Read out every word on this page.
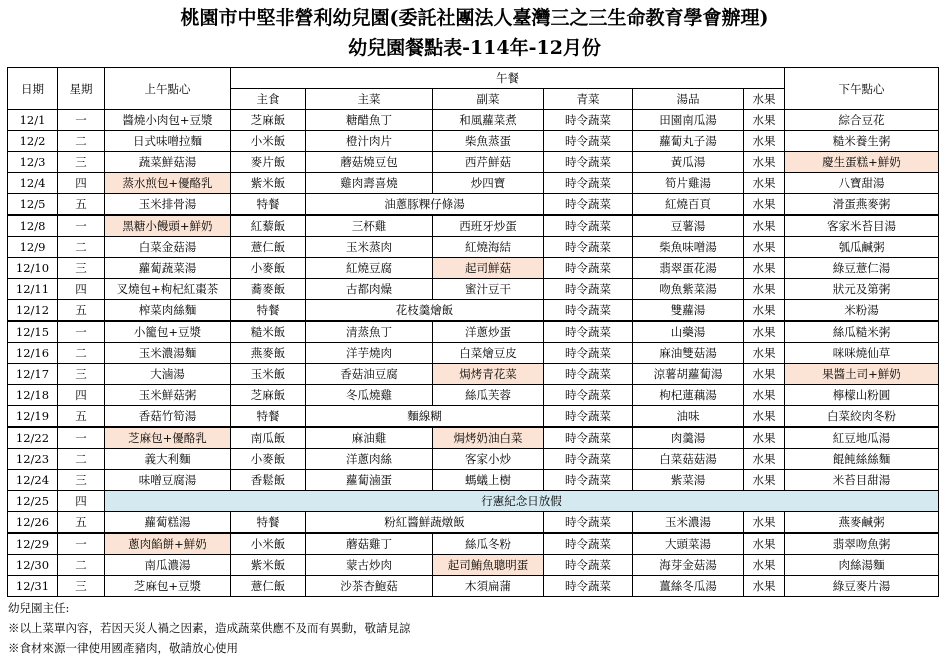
桃園市中堅非營利幼兒園(委託社團法人臺灣三之三生命教育學會辦理)
幼兒園餐點表-114年-12月份
日期	星期	上午點心	午餐						下午點心
			主食	主菜	副菜	青菜	湯品	水果	
12/1	一	醬燒小肉包+豆漿	芝麻飯	糖醋魚丁	和風蘿菜煮	時令蔬菜	田園南瓜湯	水果	綜合豆花
12/2	二	日式味噌拉麵	小米飯	橙汁肉片	柴魚蒸蛋	時令蔬菜	蘿蔔丸子湯	水果	糙米養生粥
12/3	三	蔬菜鮮菇湯	麥片飯	蘑菇燒豆包	西芹鮮菇	時令蔬菜	黃瓜湯	水果	慶生蛋糕+鮮奶
12/4	四	蒸水煎包+優酪乳	紫米飯	雞肉壽喜燒	炒四寶	時令蔬菜	筍片雞湯	水果	八寶甜湯
12/5	五	玉米排骨湯	特餐	油蔥豚粿仔條湯		時令蔬菜	紅燒百頁	水果	滑蛋燕麥粥
12/8	一	黑糖小饅頭+鮮奶	紅藜飯	三杯雞	西班牙炒蛋	時令蔬菜	豆薯湯	水果	客家米苔目湯
12/9	二	白菜金菇湯	薏仁飯	玉米蒸肉	紅燒海結	時令蔬菜	柴魚味噌湯	水果	瓠瓜鹹粥
12/10	三	蘿蔔蔬菜湯	小麥飯	紅燒豆腐	起司鮮菇	時令蔬菜	翡翠蛋花湯	水果	綠豆薏仁湯
12/11	四	叉燒包+枸杞紅棗茶	蕎麥飯	古都肉燥	蜜汁豆干	時令蔬菜	吻魚紫菜湯	水果	狀元及第粥
12/12	五	榨菜肉絲麵	特餐	花枝羹燴飯		時令蔬菜	雙蘿湯	水果	米粉湯
12/15	一	小籠包+豆漿	糙米飯	清蒸魚丁	洋蔥炒蛋	時令蔬菜	山藥湯	水果	絲瓜糙米粥
12/16	二	玉米濃湯麵	燕麥飯	洋芋燒肉	白菜燴豆皮	時令蔬菜	麻油雙菇湯	水果	咪咪燒仙草
12/17	三	大滷湯	玉米飯	香菇油豆腐	焗烤青花菜	時令蔬菜	涼薯胡蘿蔔湯	水果	果醬土司+鮮奶
12/18	四	玉米鮮菇粥	芝麻飯	冬瓜燒雞	絲瓜芙蓉	時令蔬菜	枸杞蓮藕湯	水果	檸檬山粉圓
12/19	五	香菇竹筍湯	特餐	麵線糊		時令蔬菜	油味	水果	白菜絞肉冬粉
12/22	一	芝麻包+優酪乳	南瓜飯	麻油雞	焗烤奶油白菜	時令蔬菜	肉羹湯	水果	紅豆地瓜湯
12/23	二	義大利麵	小麥飯	洋蔥肉絲	客家小炒	時令蔬菜	白菜菇菇湯	水果	餛飩絲絲麵
12/24	三	味噌豆腐湯	香鬆飯	蘿蔔滷蛋	螞蟻上樹	時令蔬菜	紫菜湯	水果	米苔目甜湯
12/25	四	行憲紀念日放假							
12/26	五	蘿蔔糕湯	特餐	粉紅醬鮮蔬燉飯		時令蔬菜	玉米濃湯	水果	燕麥鹹粥
12/29	一	蔥肉餡餅+鮮奶	小米飯	蘑菇雞丁	絲瓜冬粉	時令蔬菜	大頭菜湯	水果	翡翠吻魚粥
12/30	二	南瓜濃湯	紫米飯	蒙古炒肉	起司鮪魚聰明蛋	時令蔬菜	海芽金菇湯	水果	肉絲湯麵
12/31	三	芝麻包+豆漿	薏仁飯	沙茶杏鮑菇	木須扁蒲	時令蔬菜	薑絲冬瓜湯	水果	綠豆麥片湯
幼兒園主任:
※以上菜單內容，若因天災人禍之因素，造成蔬菜供應不及而有異動，敬請見諒
※食材來源一律使用國產豬肉，敬請放心使用
